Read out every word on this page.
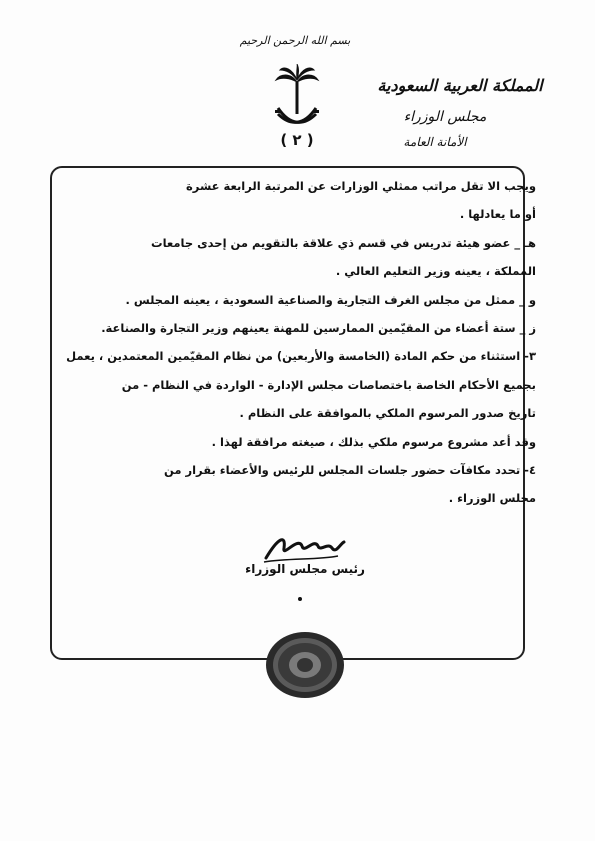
بسم الله الرحمن الرحيم
( ٢ )
المملكة العربية السعودية
مجلس الوزراء
الأمانة العامة

ويجب الا تقل مراتب ممثلي الوزارات عن المرتبة الرابعة عشرة

أو ما يعادلها .

هـ _ عضو هيئة تدريس في قسم ذي علاقة بالتقويم من إحدى جامعات

المملكة ، يعينه وزير التعليم العالي .

و _ ممثل من مجلس الغرف التجارية والصناعية السعودية ، يعينه المجلس .

ز _ ستة أعضاء من المقيّمين الممارسين للمهنة يعينهم وزير التجارة والصناعة.

٣- استثناء من حكم المادة (الخامسة والأربعين) من نظام المقيّمين المعتمدين ، يعمل

بجميع الأحكام الخاصة باختصاصات مجلس الإدارة - الواردة في النظام - من

تاريخ صدور المرسوم الملكي بالموافقة على النظام .

وقد أعد مشروع مرسوم ملكي بذلك ، صيغته مرافقة لهذا .

٤- تحدد مكافآت حضور جلسات المجلس للرئيس والأعضاء بقرار من

مجلس الوزراء .

رئيس مجلس الوزراء
